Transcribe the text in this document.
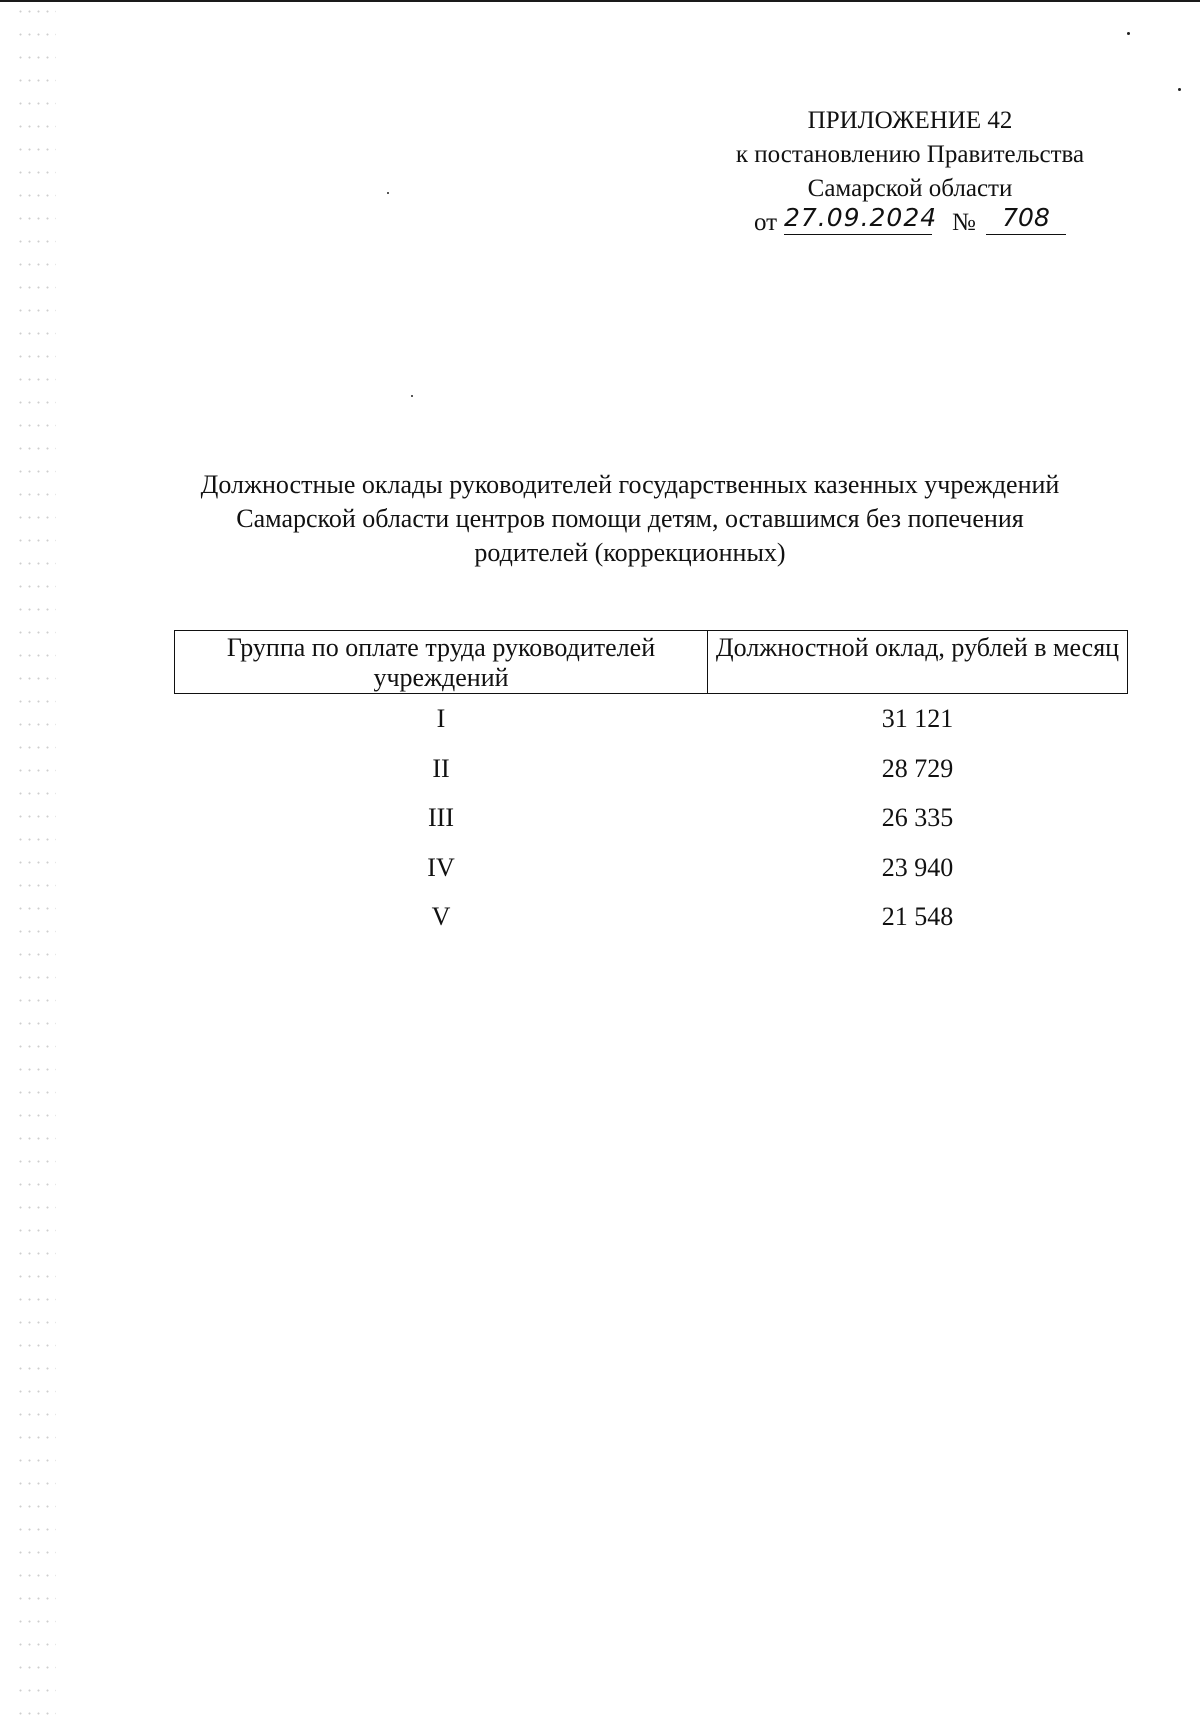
ПРИЛОЖЕНИЕ 42
к постановлению Правительства
Самарской области
от 27.09.2024 №	708
Должностные оклады руководителей государственных казенных учреждений
Самарской области центров помощи детям, оставшимся без попечения
родителей (коррекционных)
Группа по оплате труда руководителей учреждений	Должностной оклад, рублей в месяц
I	31 121
II	28 729
III	26 335
IV	23 940
V	21 548
